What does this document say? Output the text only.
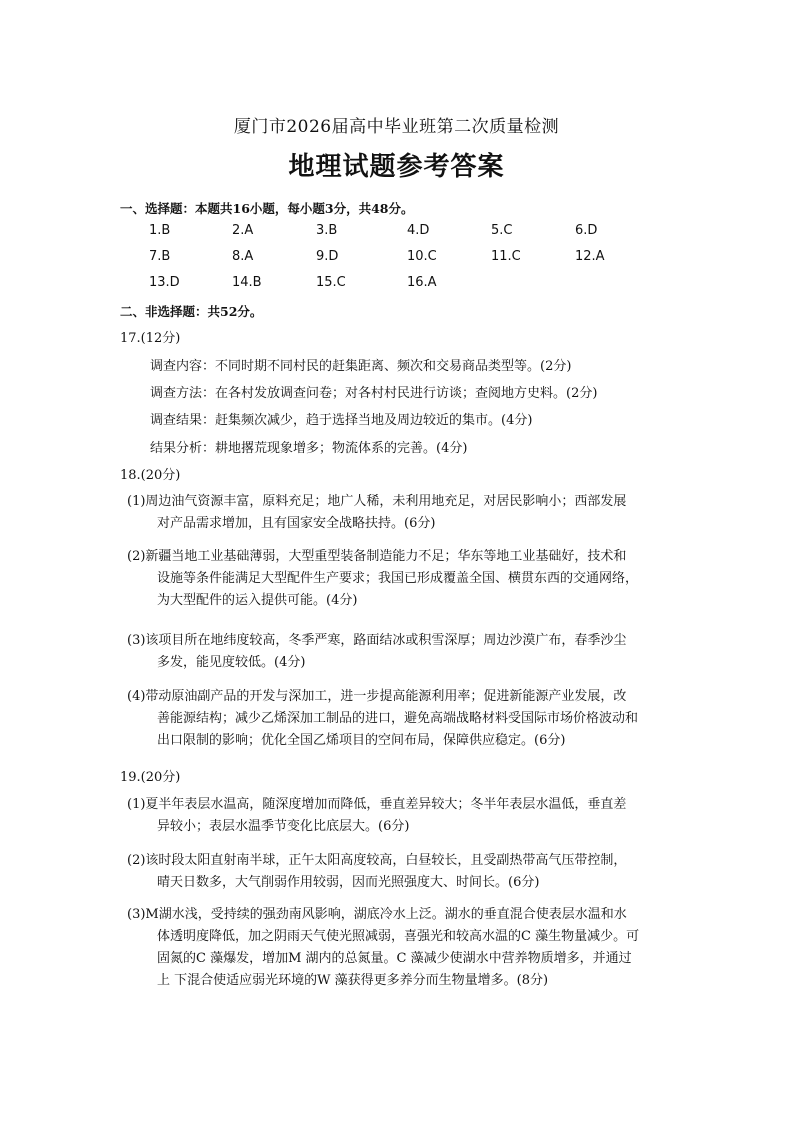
厦门市2026届高中毕业班第二次质量检测
地理试题参考答案
一、选择题：本题共16小题，每小题3分，共48分。
1.B	2.A	3.B	4.D	5.C	6.D
7.B	8.A	9.D	10.C	11.C	12.A
13.D	14.B	15.C	16.A
二、非选择题：共52分。
17.(12分)
调查内容：不同时期不同村民的赶集距离、频次和交易商品类型等。(2分)
调查方法：在各村发放调查问卷；对各村村民进行访谈；查阅地方史料。(2分)
调查结果：赶集频次减少，趋于选择当地及周边较近的集市。(4分)
结果分析：耕地撂荒现象增多；物流体系的完善。(4分)
18.(20分)
(1)周边油气资源丰富，原料充足；地广人稀，未利用地充足，对居民影响小；西部发展
对产品需求增加，且有国家安全战略扶持。(6分)
(2)新疆当地工业基础薄弱，大型重型装备制造能力不足；华东等地工业基础好，技术和
设施等条件能满足大型配件生产要求；我国已形成覆盖全国、横贯东西的交通网络，
为大型配件的运入提供可能。(4分)
(3)该项目所在地纬度较高，冬季严寒，路面结冰或积雪深厚；周边沙漠广布，春季沙尘
多发，能见度较低。(4分)
(4)带动原油副产品的开发与深加工，进一步提高能源利用率；促进新能源产业发展，改
善能源结构；减少乙烯深加工制品的进口，避免高端战略材料受国际市场价格波动和
出口限制的影响；优化全国乙烯项目的空间布局，保障供应稳定。(6分)
19.(20分)
(1)夏半年表层水温高，随深度增加而降低，垂直差异较大；冬半年表层水温低，垂直差
异较小；表层水温季节变化比底层大。(6分)
(2)该时段太阳直射南半球，正午太阳高度较高，白昼较长，且受副热带高气压带控制，
晴天日数多，大气削弱作用较弱，因而光照强度大、时间长。(6分)
(3)M湖水浅，受持续的强劲南风影响，湖底冷水上泛。湖水的垂直混合使表层水温和水
体透明度降低，加之阴雨天气使光照减弱，喜强光和较高水温的C 藻生物量减少。可
固氮的C 藻爆发，增加M 湖内的总氮量。C 藻减少使湖水中营养物质增多，并通过
上 下混合使适应弱光环境的W 藻获得更多养分而生物量增多。(8分)
